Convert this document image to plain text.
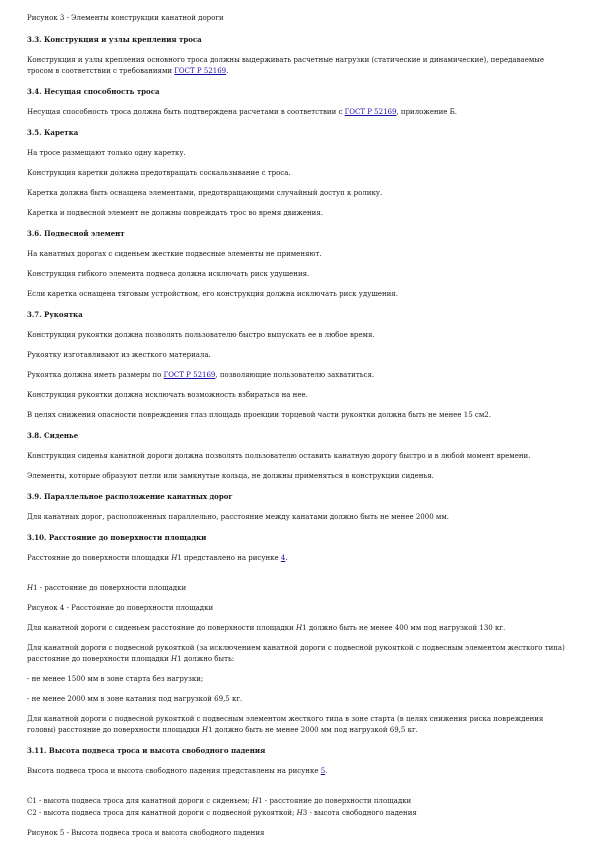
Рисунок 3 - Элементы конструкции канатной дороги

3.3. Конструкция и узлы крепления троса

Конструкция и узлы крепления основного троса должны выдерживать расчетные нагрузки (статические и динамические), передаваемые тросом в соответствии с требованиями ГОСТ Р 52169.

3.4. Несущая способность троса

Несущая способность троса должна быть подтверждена расчетами в соответствии с ГОСТ Р 52169, приложение Б.

3.5. Каретка

На тросе размещают только одну каретку.

Конструкция каретки должна предотвращать соскальзывание с троса.

Каретка должна быть оснащена элементами, предотвращающими случайный доступ к ролику.

Каретка и подвесной элемент не должны повреждать трос во время движения.

3.6. Подвесной элемент

На канатных дорогах с сиденьем жесткие подвесные элементы не применяют.

Конструкция гибкого элемента подвеса должна исключать риск удушения.

Если каретка оснащена тяговым устройством, его конструкция должна исключать риск удушения.

3.7. Рукоятка

Конструкция рукоятки должна позволять пользователю быстро выпускать ее в любое время.

Рукоятку изготавливают из жесткого материала.

Рукоятка должна иметь размеры по ГОСТ Р 52169, позволяющие пользователю захватиться.

Конструкция рукоятки должна исключать возможность взбираться на нее.

В целях снижения опасности повреждения глаз площадь проекции торцевой части рукоятки должна быть не менее 15 см2.

3.8. Сиденье

Конструкция сиденья канатной дороги должна позволять пользователю оставить канатную дорогу быстро и в любой момент времени.

Элементы, которые образуют петли или замкнутые кольца, не должны применяться в конструкции сиденья.

3.9. Параллельное расположение канатных дорог

Для канатных дорог, расположенных параллельно, расстояние между канатами должно быть не менее 2000 мм.

3.10. Расстояние до поверхности площадки

Расстояние до поверхности площадки Н1 представлено на рисунке 4.

Н1 - расстояние до поверхности площадки

Рисунок 4 - Расстояние до поверхности площадки

Для канатной дороги с сиденьем расстояние до поверхности площадки Н1 должно быть не менее 400 мм под нагрузкой 130 кг.

Для канатной дороги с подвесной рукояткой (за исключением канатной дороги с подвесной рукояткой с подвесным элементом жесткого типа) расстояние до поверхности площадки Н1 должно быть:

- не менее 1500 мм в зоне старта без нагрузки;

- не менее 2000 мм в зоне катания под нагрузкой 69,5 кг.

Для канатной дороги с подвесной рукояткой с подвесным элементом жесткого типа в зоне старта (в целях снижения риска повреждения головы) расстояние до поверхности площадки Н1 должно быть не менее 2000 мм под нагрузкой 69,5 кг.

3.11. Высота подвеса троса и высота свободного падения

Высота подвеса троса и высота свободного падения представлены на рисунке 5.

С1 - высота подвеса троса для канатной дороги с сиденьем; Н1 - расстояние до поверхности площадки

С2 - высота подвеса троса для канатной дороги с подвесной рукояткой; Н3 - высота свободного падения

Рисунок 5 - Высота подвеса троса и высота свободного падения
